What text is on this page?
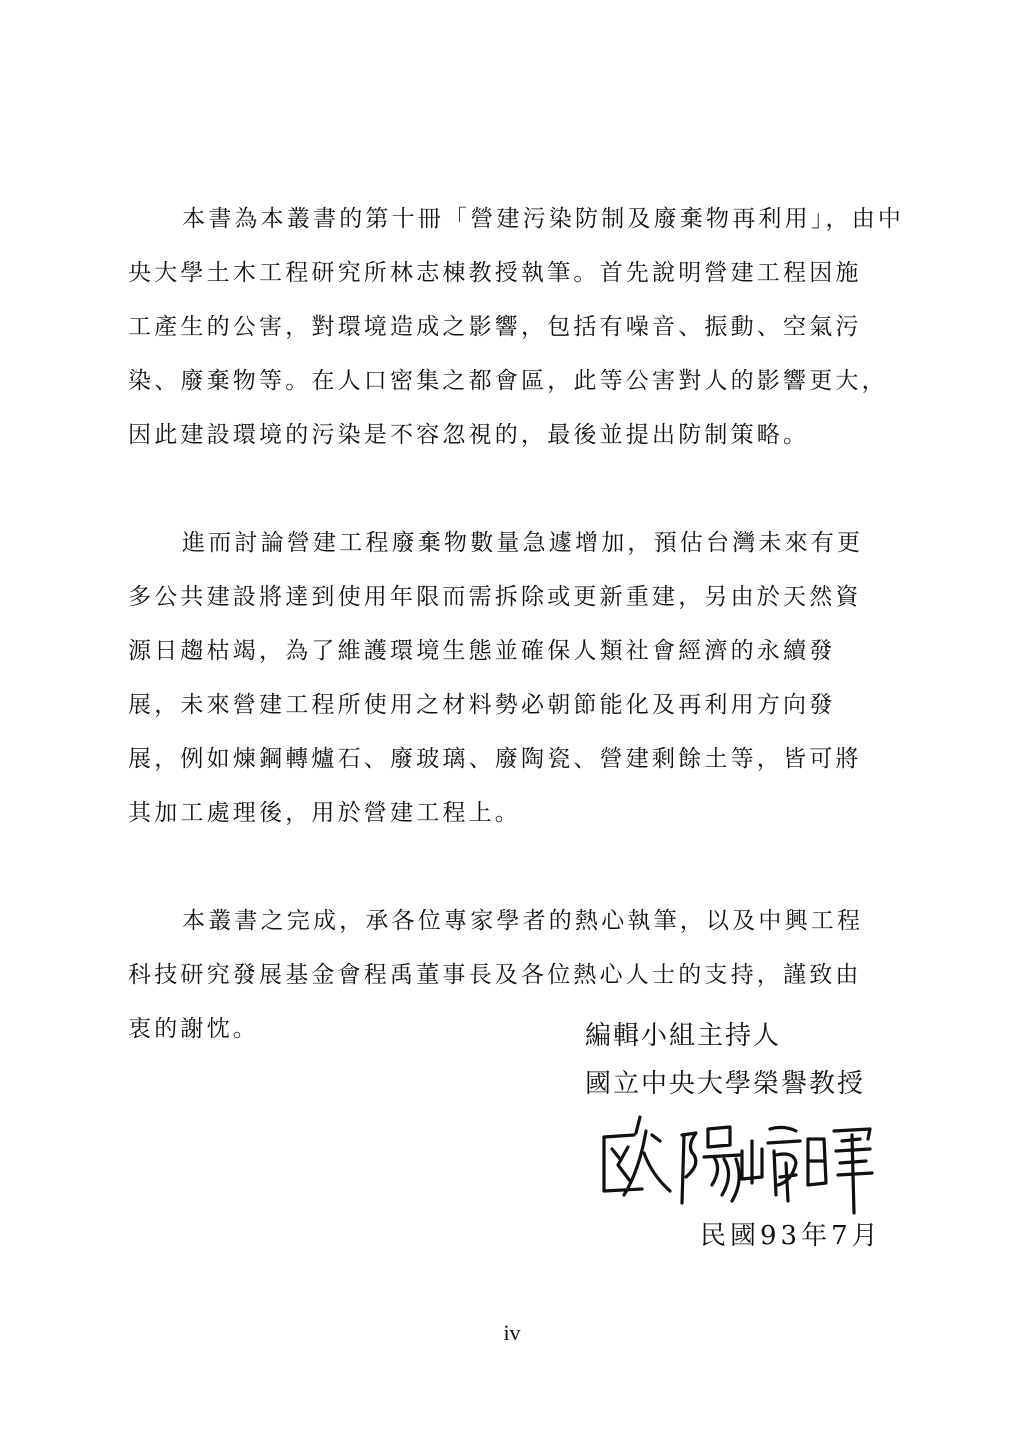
本書為本叢書的第十冊「營建污染防制及廢棄物再利用」，由中
央大學土木工程研究所林志棟教授執筆。首先說明營建工程因施
工產生的公害，對環境造成之影響，包括有噪音、振動、空氣污
染、廢棄物等。在人口密集之都會區，此等公害對人的影響更大，
因此建設環境的污染是不容忽視的，最後並提出防制策略。
進而討論營建工程廢棄物數量急遽增加，預估台灣未來有更
多公共建設將達到使用年限而需拆除或更新重建，另由於天然資
源日趨枯竭，為了維護環境生態並確保人類社會經濟的永續發
展，未來營建工程所使用之材料勢必朝節能化及再利用方向發
展，例如煉鋼轉爐石、廢玻璃、廢陶瓷、營建剩餘土等，皆可將
其加工處理後，用於營建工程上。
本叢書之完成，承各位專家學者的熱心執筆，以及中興工程
科技研究發展基金會程禹董事長及各位熱心人士的支持，謹致由
衷的謝忱。	編輯小組主持人
國立中央大學榮譽教授
民國93年7月
iv
